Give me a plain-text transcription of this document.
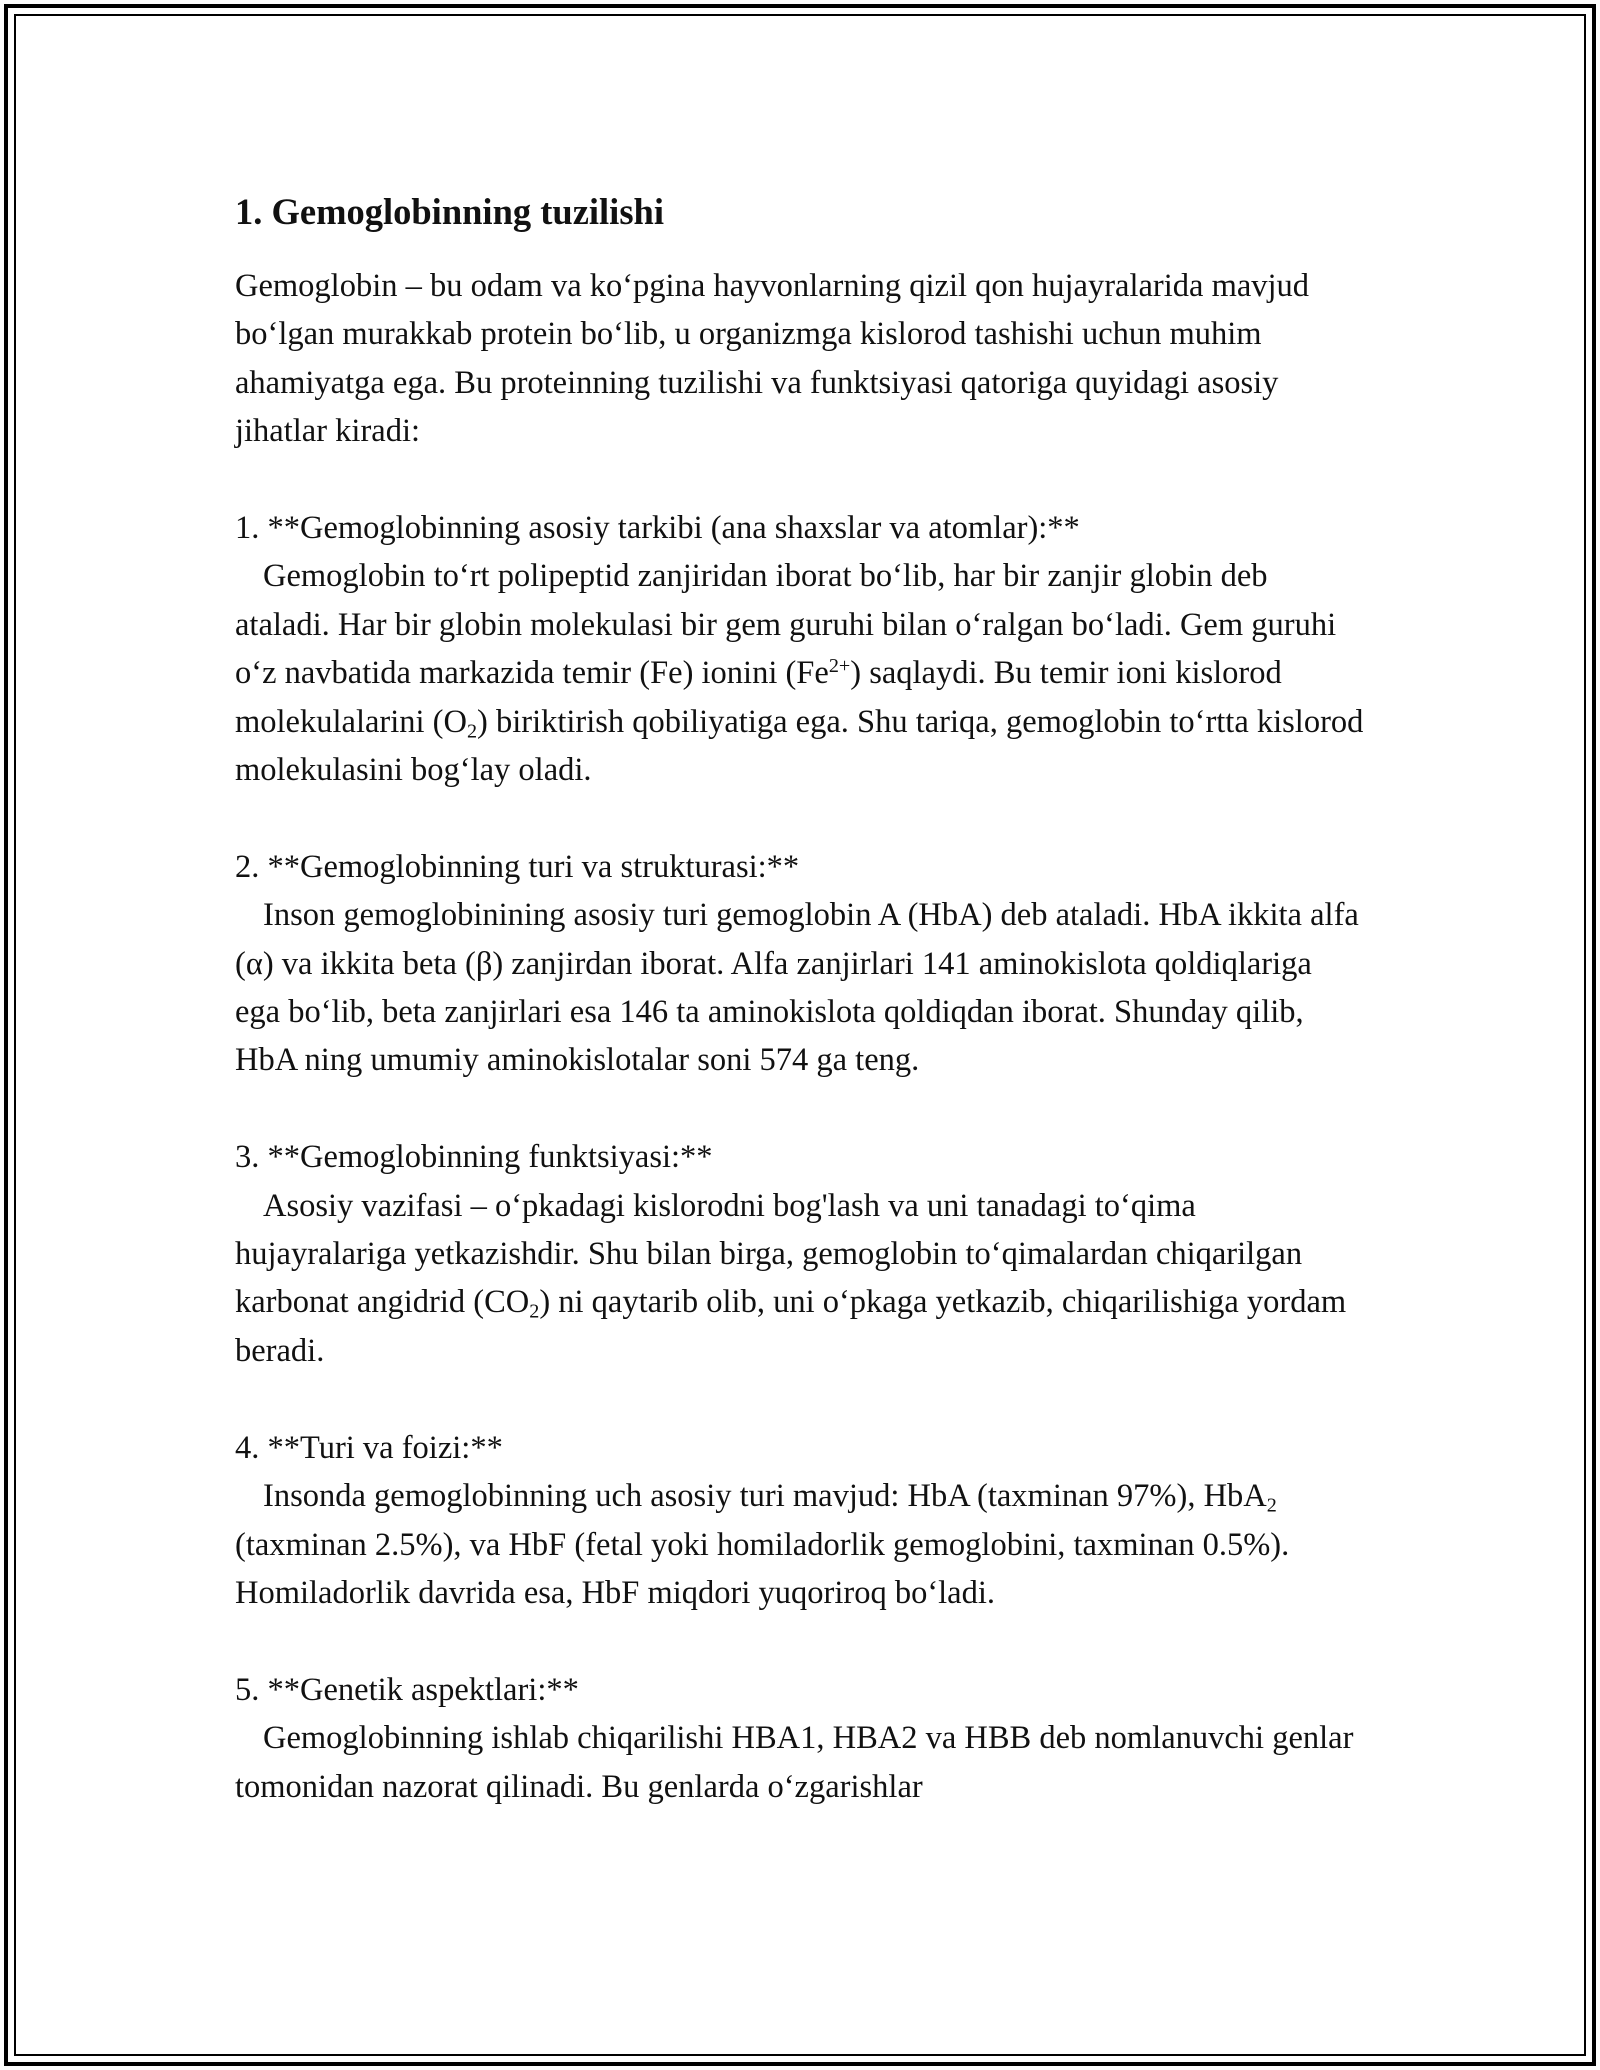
1. Gemoglobinning tuzilishi

Gemoglobin – bu odam va ko‘pgina hayvonlarning qizil qon hujayralarida mavjud bo‘lgan murakkab protein bo‘lib, u organizmga kislorod tashishi uchun muhim ahamiyatga ega. Bu proteinning tuzilishi va funktsiyasi qatoriga quyidagi asosiy jihatlar kiradi:

1. **Gemoglobinning asosiy tarkibi (ana shaxslar va atomlar):**
Gemoglobin to‘rt polipeptid zanjiridan iborat bo‘lib, har bir zanjir globin deb ataladi. Har bir globin molekulasi bir gem guruhi bilan o‘ralgan bo‘ladi. Gem guruhi o‘z navbatida markazida temir (Fe) ionini $(Fe^{2+})$ saqlaydi. Bu temir ioni kislorod molekulalarini $(O_2)$ biriktirish qobiliyatiga ega. Shu tariqa, gemoglobin to‘rtta kislorod molekulasini bog‘lay oladi.
2. **Gemoglobinning turi va strukturasi:**
Inson gemoglobinining asosiy turi gemoglobin A (HbA) deb ataladi. HbA ikkita alfa (α) va ikkita beta (β) zanjirdan iborat. Alfa zanjirlari 141 aminokislota qoldiqlariga ega bo‘lib, beta zanjirlari esa 146 ta aminokislota qoldiqdan iborat. Shunday qilib, HbA ning umumiy aminokislotalar soni 574 ga teng.
3. **Gemoglobinning funktsiyasi:**
Asosiy vazifasi – o‘pkadagi kislorodni bog'lash va uni tanadagi to‘qima hujayralariga yetkazishdir. Shu bilan birga, gemoglobin to‘qimalardan chiqarilgan karbonat angidrid $(CO_2)$ ni qaytarib olib, uni o‘pkaga yetkazib, chiqarilishiga yordam beradi.
4. **Turi va foizi:**
Insonda gemoglobinning uch asosiy turi mavjud: HbA (taxminan 97%), HbA$_2$ (taxminan 2.5%), va HbF (fetal yoki homiladorlik gemoglobini, taxminan 0.5%). Homiladorlik davrida esa, HbF miqdori yuqoriroq bo‘ladi.
5. **Genetik aspektlari:**
Gemoglobinning ishlab chiqarilishi HBA1, HBA2 va HBB deb nomlanuvchi genlar tomonidan nazorat qilinadi. Bu genlarda o‘zgarishlar
